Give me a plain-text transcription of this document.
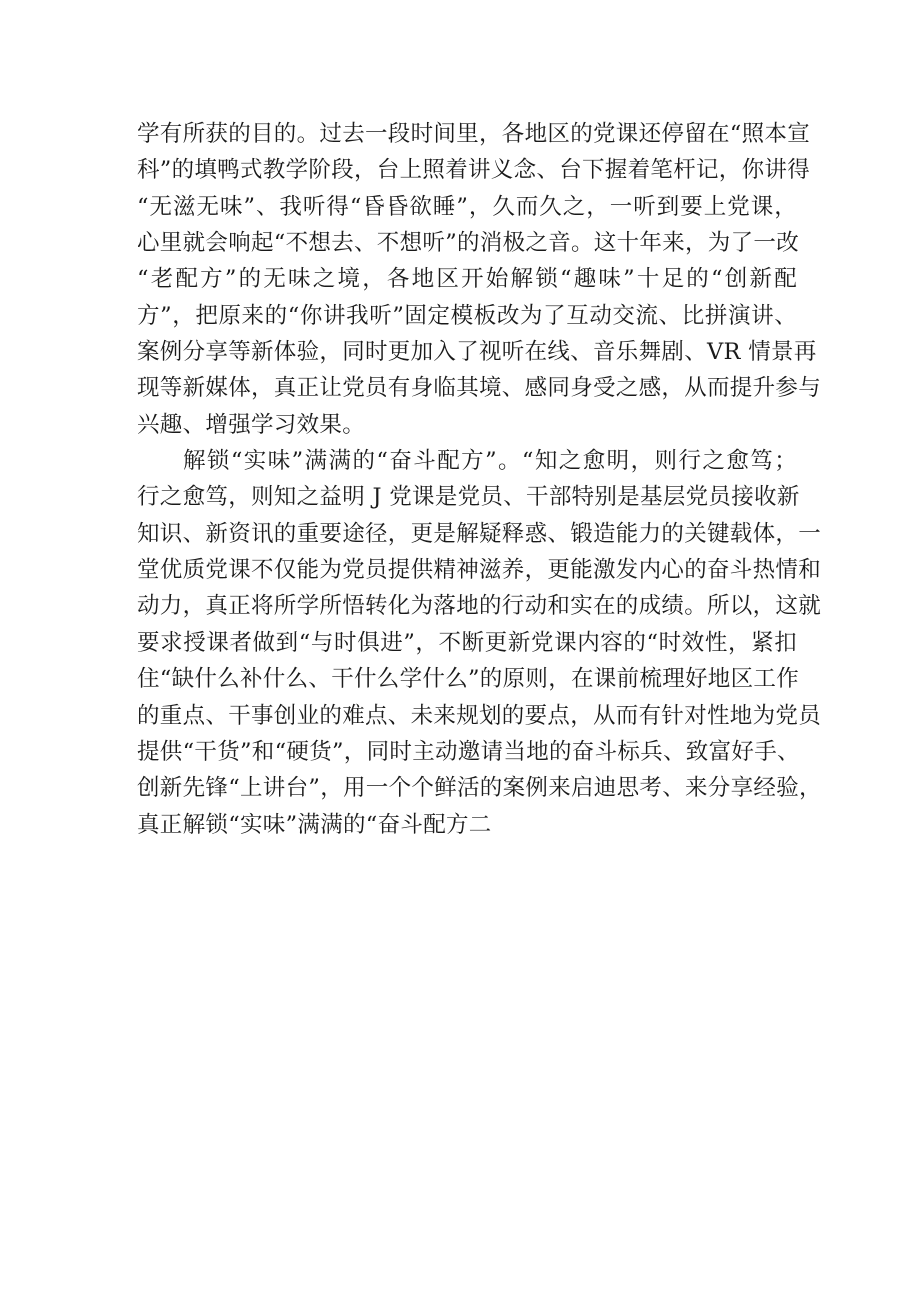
学有所获的目的。过去一段时间里，各地区的党课还停留在“照本宣
科”的填鸭式教学阶段，台上照着讲义念、台下握着笔杆记，你讲得
“无滋无味”、我听得“昏昏欲睡”，久而久之，一听到要上党课，
心里就会响起“不想去、不想听”的消极之音。这十年来，为了一改
“老配方”的无味之境，各地区开始解锁“趣味”十足的“创新配
方”，把原来的“你讲我听”固定模板改为了互动交流、比拼演讲、
案例分享等新体验，同时更加入了视听在线、音乐舞剧、VR 情景再
现等新媒体，真正让党员有身临其境、感同身受之感，从而提升参与
兴趣、增强学习效果。
解锁“实味”满满的“奋斗配方”。“知之愈明，则行之愈笃；
行之愈笃，则知之益明 J 党课是党员、干部特别是基层党员接收新
知识、新资讯的重要途径，更是解疑释惑、锻造能力的关键载体，一
堂优质党课不仅能为党员提供精神滋养，更能激发内心的奋斗热情和
动力，真正将所学所悟转化为落地的行动和实在的成绩。所以，这就
要求授课者做到“与时俱进”，不断更新党课内容的“时效性，紧扣
住“缺什么补什么、干什么学什么”的原则，在课前梳理好地区工作
的重点、干事创业的难点、未来规划的要点，从而有针对性地为党员
提供“干货”和“硬货”，同时主动邀请当地的奋斗标兵、致富好手、
创新先锋“上讲台”，用一个个鲜活的案例来启迪思考、来分享经验，
真正解锁“实味”满满的“奋斗配方二
